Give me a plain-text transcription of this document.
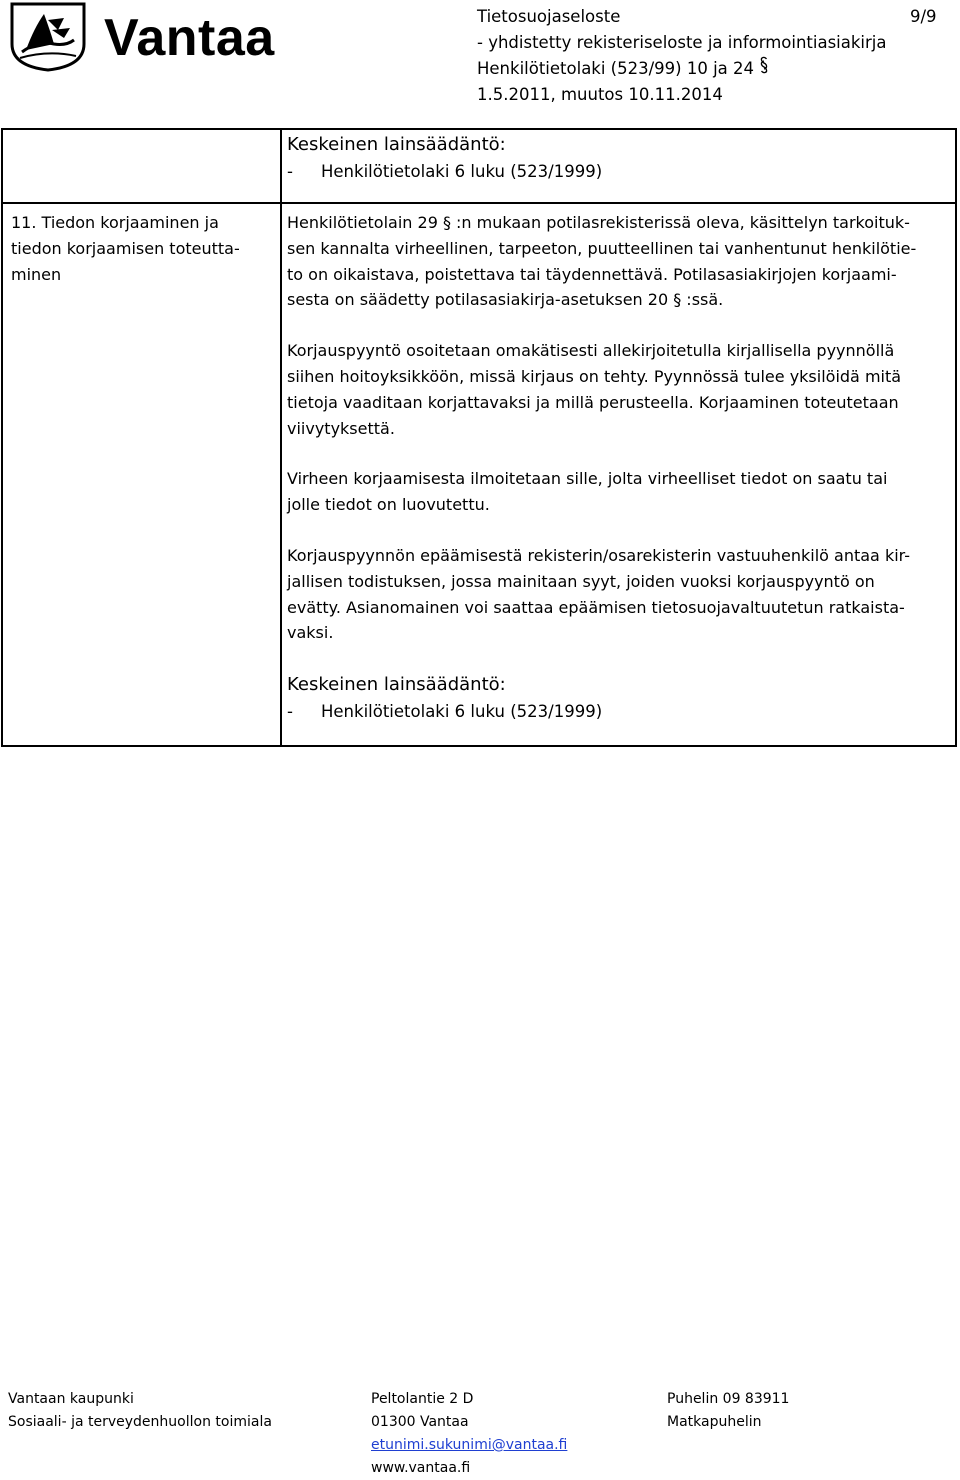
Vantaa	Tietosuojaseloste
- yhdistetty rekisteriseloste ja informointiasiakirja
Henkilötietolaki (523/99) 10 ja 24
1.5.2011, muutos 10.11.2014
9/9
Keskeinen lainsäädäntö:
- Henkilötietolaki 6 luku (523/1999)
11. Tiedon korjaaminen ja
tiedon korjaamisen toteutta-
minen

Henkilötietolain 29 § :n mukaan potilasrekisterissä oleva, käsittelyn tarkoituk-
sen kannalta virheellinen, tarpeeton, puutteellinen tai vanhentunut henkilötie-
to on oikaistava, poistettava tai täydennettävä. Potilasasiakirjojen korjaami-
sesta on säädetty potilasasiakirja-asetuksen 20 § :ssä.

Korjauspyyntö osoitetaan omakätisesti allekirjoitetulla kirjallisella pyynnöllä
siihen hoitoyksikköön, missä kirjaus on tehty. Pyynnössä tulee yksilöidä mitä
tietoja vaaditaan korjattavaksi ja millä perusteella. Korjaaminen toteutetaan
viivytyksettä.

Virheen korjaamisesta ilmoitetaan sille, jolta virheelliset tiedot on saatu tai
jolle tiedot on luovutettu.

Korjauspyynnön epäämisestä rekisterin/osarekisterin vastuuhenkilö antaa kir-
jallisen todistuksen, jossa mainitaan syyt, joiden vuoksi korjauspyyntö on
evätty. Asianomainen voi saattaa epäämisen tietosuojavaltuutetun ratkaista-
vaksi.

Keskeinen lainsäädäntö:
- Henkilötietolaki 6 luku (523/1999)
Vantaan kaupunki
Sosiaali- ja terveydenhuollon toimiala
Peltolantie 2 D
01300 Vantaa
etunimi.sukunimi@vantaa.fi
www.vantaa.fi
Puhelin 09 83911
Matkapuhelin
